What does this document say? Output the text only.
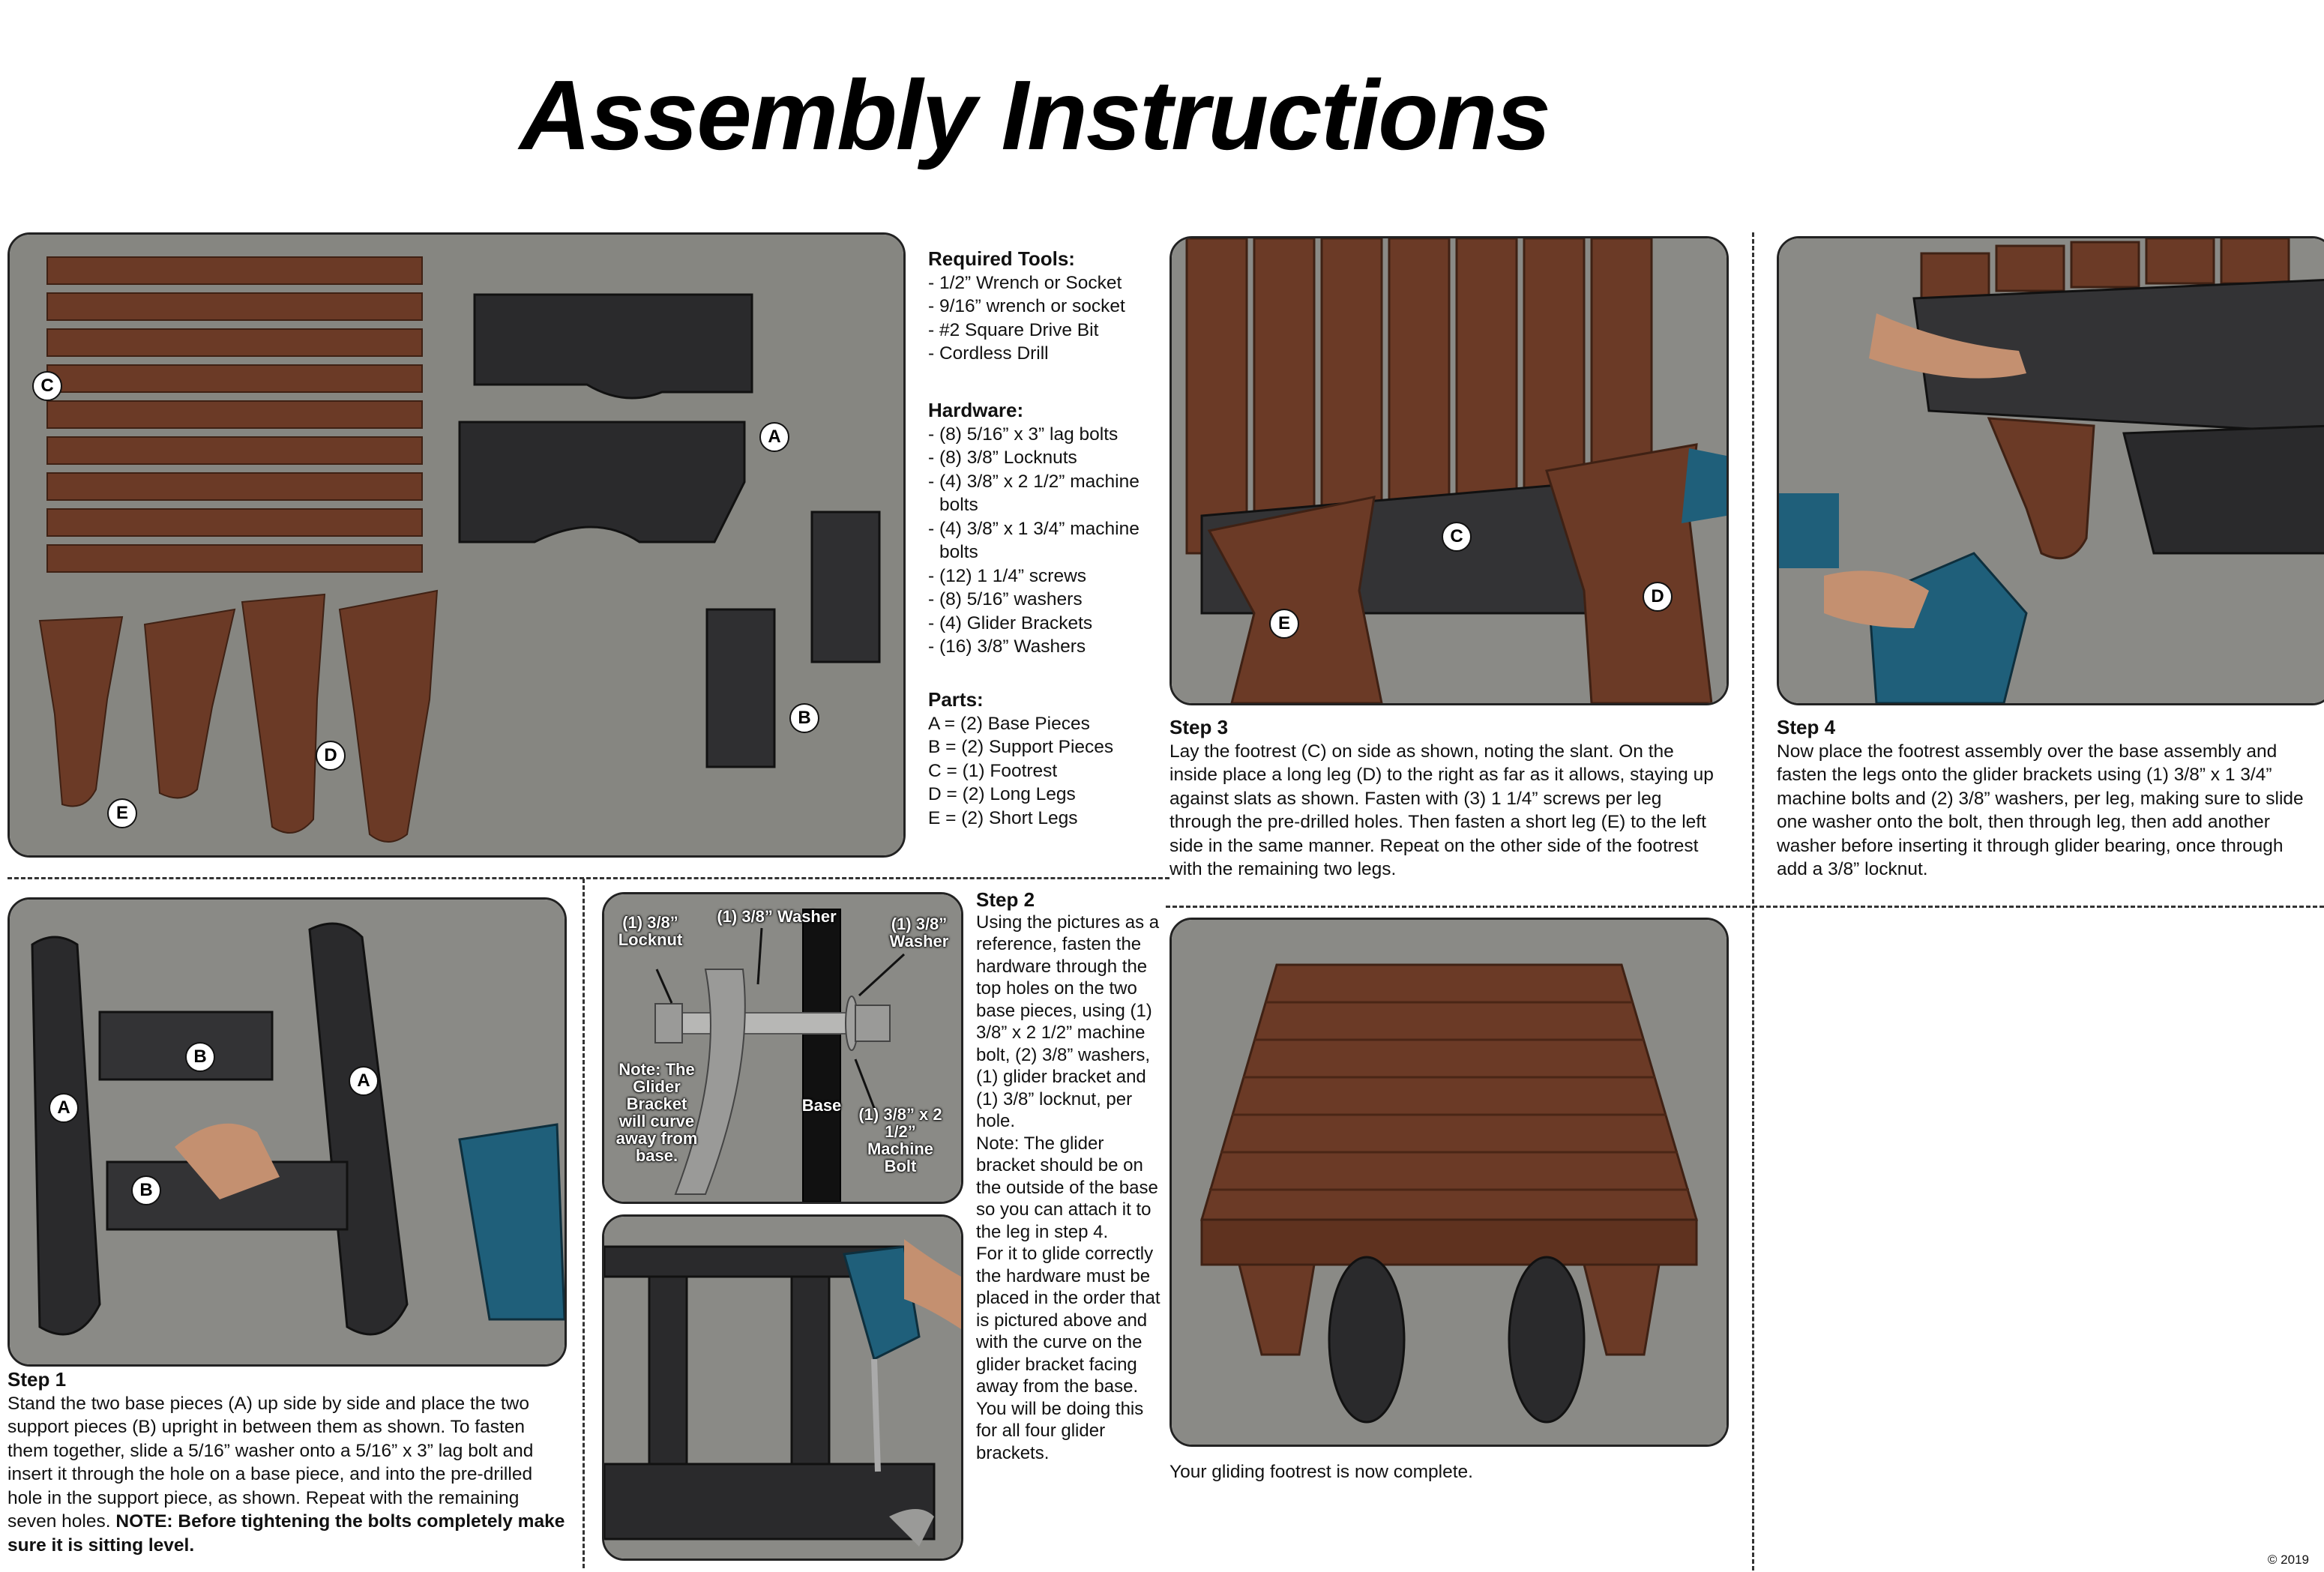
Assembly Instructions
C
A
B
D
E
Required Tools:
- 1/2” Wrench or Socket
- 9/16” wrench or socket
- #2 Square Drive Bit
- Cordless Drill
Hardware:
- (8) 5/16” x 3” lag bolts
- (8) 3/8” Locknuts
- (4) 3/8” x 2 1/2” machine bolts
- (4) 3/8” x 1 3/4” machine bolts
- (12) 1 1/4” screws
- (8) 5/16” washers
- (4) Glider Brackets
- (16) 3/8” Washers
Parts:
A = (2) Base Pieces
B = (2) Support Pieces
C = (1) Footrest
D = (2) Long Legs
E = (2) Short Legs
C
D
E
Step 3
Lay the footrest (C) on side as shown, noting the slant. On the inside place a long leg (D) to the right as far as it allows, staying up against slats as shown. Fasten with (3) 1 1/4” screws per leg through the pre-drilled holes. Then fasten a short leg (E) to the left side in the same manner. Repeat on the other side of the footrest with the remaining two legs.
Step 4
Now place the footrest assembly over the base assembly and fasten the legs onto the glider brackets using (1) 3/8” x 1 3/4” machine bolts and (2) 3/8” washers, per leg, making sure to slide one washer onto the bolt, then through leg, then add another washer before inserting it through glider bearing, once through add a 3/8” locknut.
A
A
B
B
Step 1
Stand the two base pieces (A) up side by side and place the two support pieces (B) upright in between them as shown. To fasten them together, slide a 5/16” washer onto a 5/16” x 3” lag bolt and insert it through the hole on a base piece, and into the pre-drilled hole in the support piece, as shown. Repeat with the remaining seven holes. NOTE: Before tightening the bolts completely make sure it is sitting level.
(1) 3/8” Locknut
(1) 3/8” Washer	(1) 3/8” Washer
Note: The Glider Bracket will curve away from base.
Base	(1) 3/8” x 2 1/2” Machine Bolt
Step 2
Using the pictures as a reference, fasten the hardware through the top holes on the two base pieces, using (1) 3/8” x 2 1/2” machine bolt, (2) 3/8” washers, (1) glider bracket and (1) 3/8” locknut, per hole.
Note: The glider bracket should be on the outside of the base so you can attach it to the leg in step 4.
For it to glide correctly the hardware must be placed in the order that is pictured above and with the curve on the glider bracket facing away from the base. You will be doing this for all four glider brackets.
Your gliding footrest is now complete.
© 2019
